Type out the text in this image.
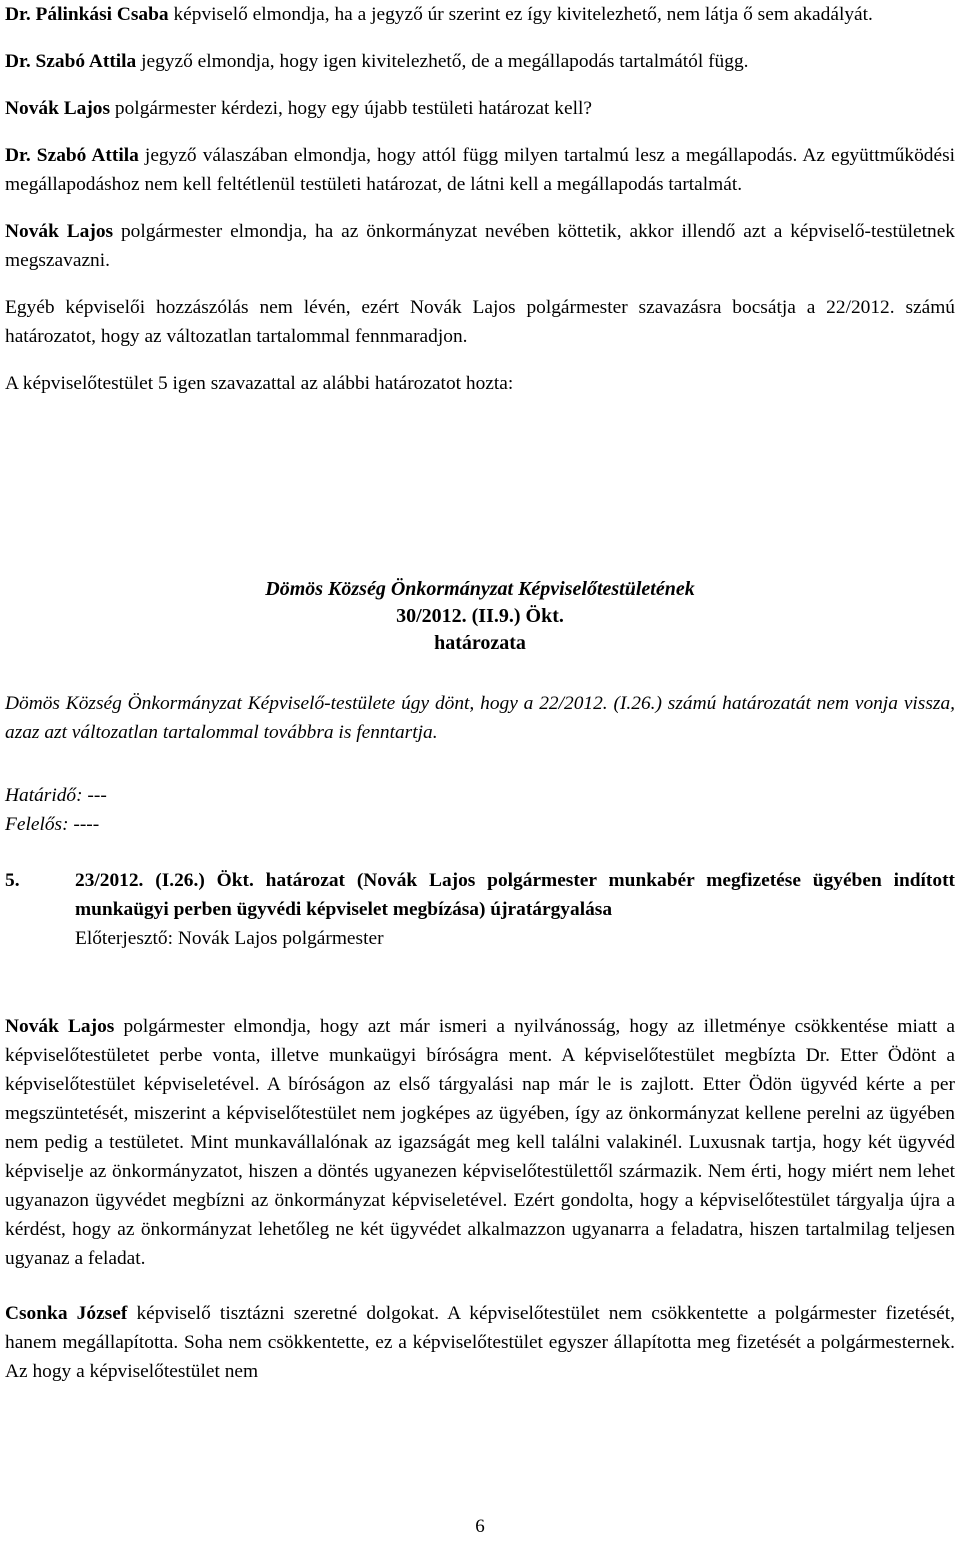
Dr. Pálinkási Csaba képviselő elmondja, ha a jegyző úr szerint ez így kivitelezhető, nem látja ő sem akadályát.

Dr. Szabó Attila jegyző elmondja, hogy igen kivitelezhető, de a megállapodás tartalmától függ.

Novák Lajos polgármester kérdezi, hogy egy újabb testületi határozat kell?

Dr. Szabó Attila jegyző válaszában elmondja, hogy attól függ milyen tartalmú lesz a megállapodás. Az együttműködési megállapodáshoz nem kell feltétlenül testületi határozat, de látni kell a megállapodás tartalmát.

Novák Lajos polgármester elmondja, ha az önkormányzat nevében köttetik, akkor illendő azt a képviselő-testületnek megszavazni.

Egyéb képviselői hozzászólás nem lévén, ezért Novák Lajos polgármester szavazásra bocsátja a 22/2012. számú határozatot, hogy az változatlan tartalommal fennmaradjon.

A képviselőtestület 5 igen szavazattal az alábbi határozatot hozta:

Dömös Község Önkormányzat Képviselőtestületének
30/2012. (II.9.) Ökt.
határozata
Dömös Község Önkormányzat Képviselő-testülete úgy dönt, hogy a 22/2012. (I.26.) számú határozatát nem vonja vissza, azaz azt változatlan tartalommal továbbra is fenntartja.
Határidő: ---
Felelős: ----
5.	23/2012. (I.26.) Ökt. határozat (Novák Lajos polgármester munkabér megfizetése ügyében indított munkaügyi perben ügyvédi képviselet megbízása) újratárgyalása
Előterjesztő: Novák Lajos polgármester

Novák Lajos polgármester elmondja, hogy azt már ismeri a nyilvánosság, hogy az illetménye csökkentése miatt a képviselőtestületet perbe vonta, illetve munkaügyi bíróságra ment. A képviselőtestület megbízta Dr. Etter Ödönt a képviselőtestület képviseletével. A bíróságon az első tárgyalási nap már le is zajlott. Etter Ödön ügyvéd kérte a per megszüntetését, miszerint a képviselőtestület nem jogképes az ügyében, így az önkormányzat kellene perelni az ügyében nem pedig a testületet. Mint munkavállalónak az igazságát meg kell találni valakinél. Luxusnak tartja, hogy két ügyvéd képviselje az önkormányzatot, hiszen a döntés ugyanezen képviselőtestülettől származik. Nem érti, hogy miért nem lehet ugyanazon ügyvédet megbízni az önkormányzat képviseletével. Ezért gondolta, hogy a képviselőtestület tárgyalja újra a kérdést, hogy az önkormányzat lehetőleg ne két ügyvédet alkalmazzon ugyanarra a feladatra, hiszen tartalmilag teljesen ugyanaz a feladat.

Csonka József képviselő tisztázni szeretné dolgokat. A képviselőtestület nem csökkentette a polgármester fizetését, hanem megállapította. Soha nem csökkentette, ez a képviselőtestület egyszer állapította meg fizetését a polgármesternek. Az hogy a képviselőtestület nem

6
